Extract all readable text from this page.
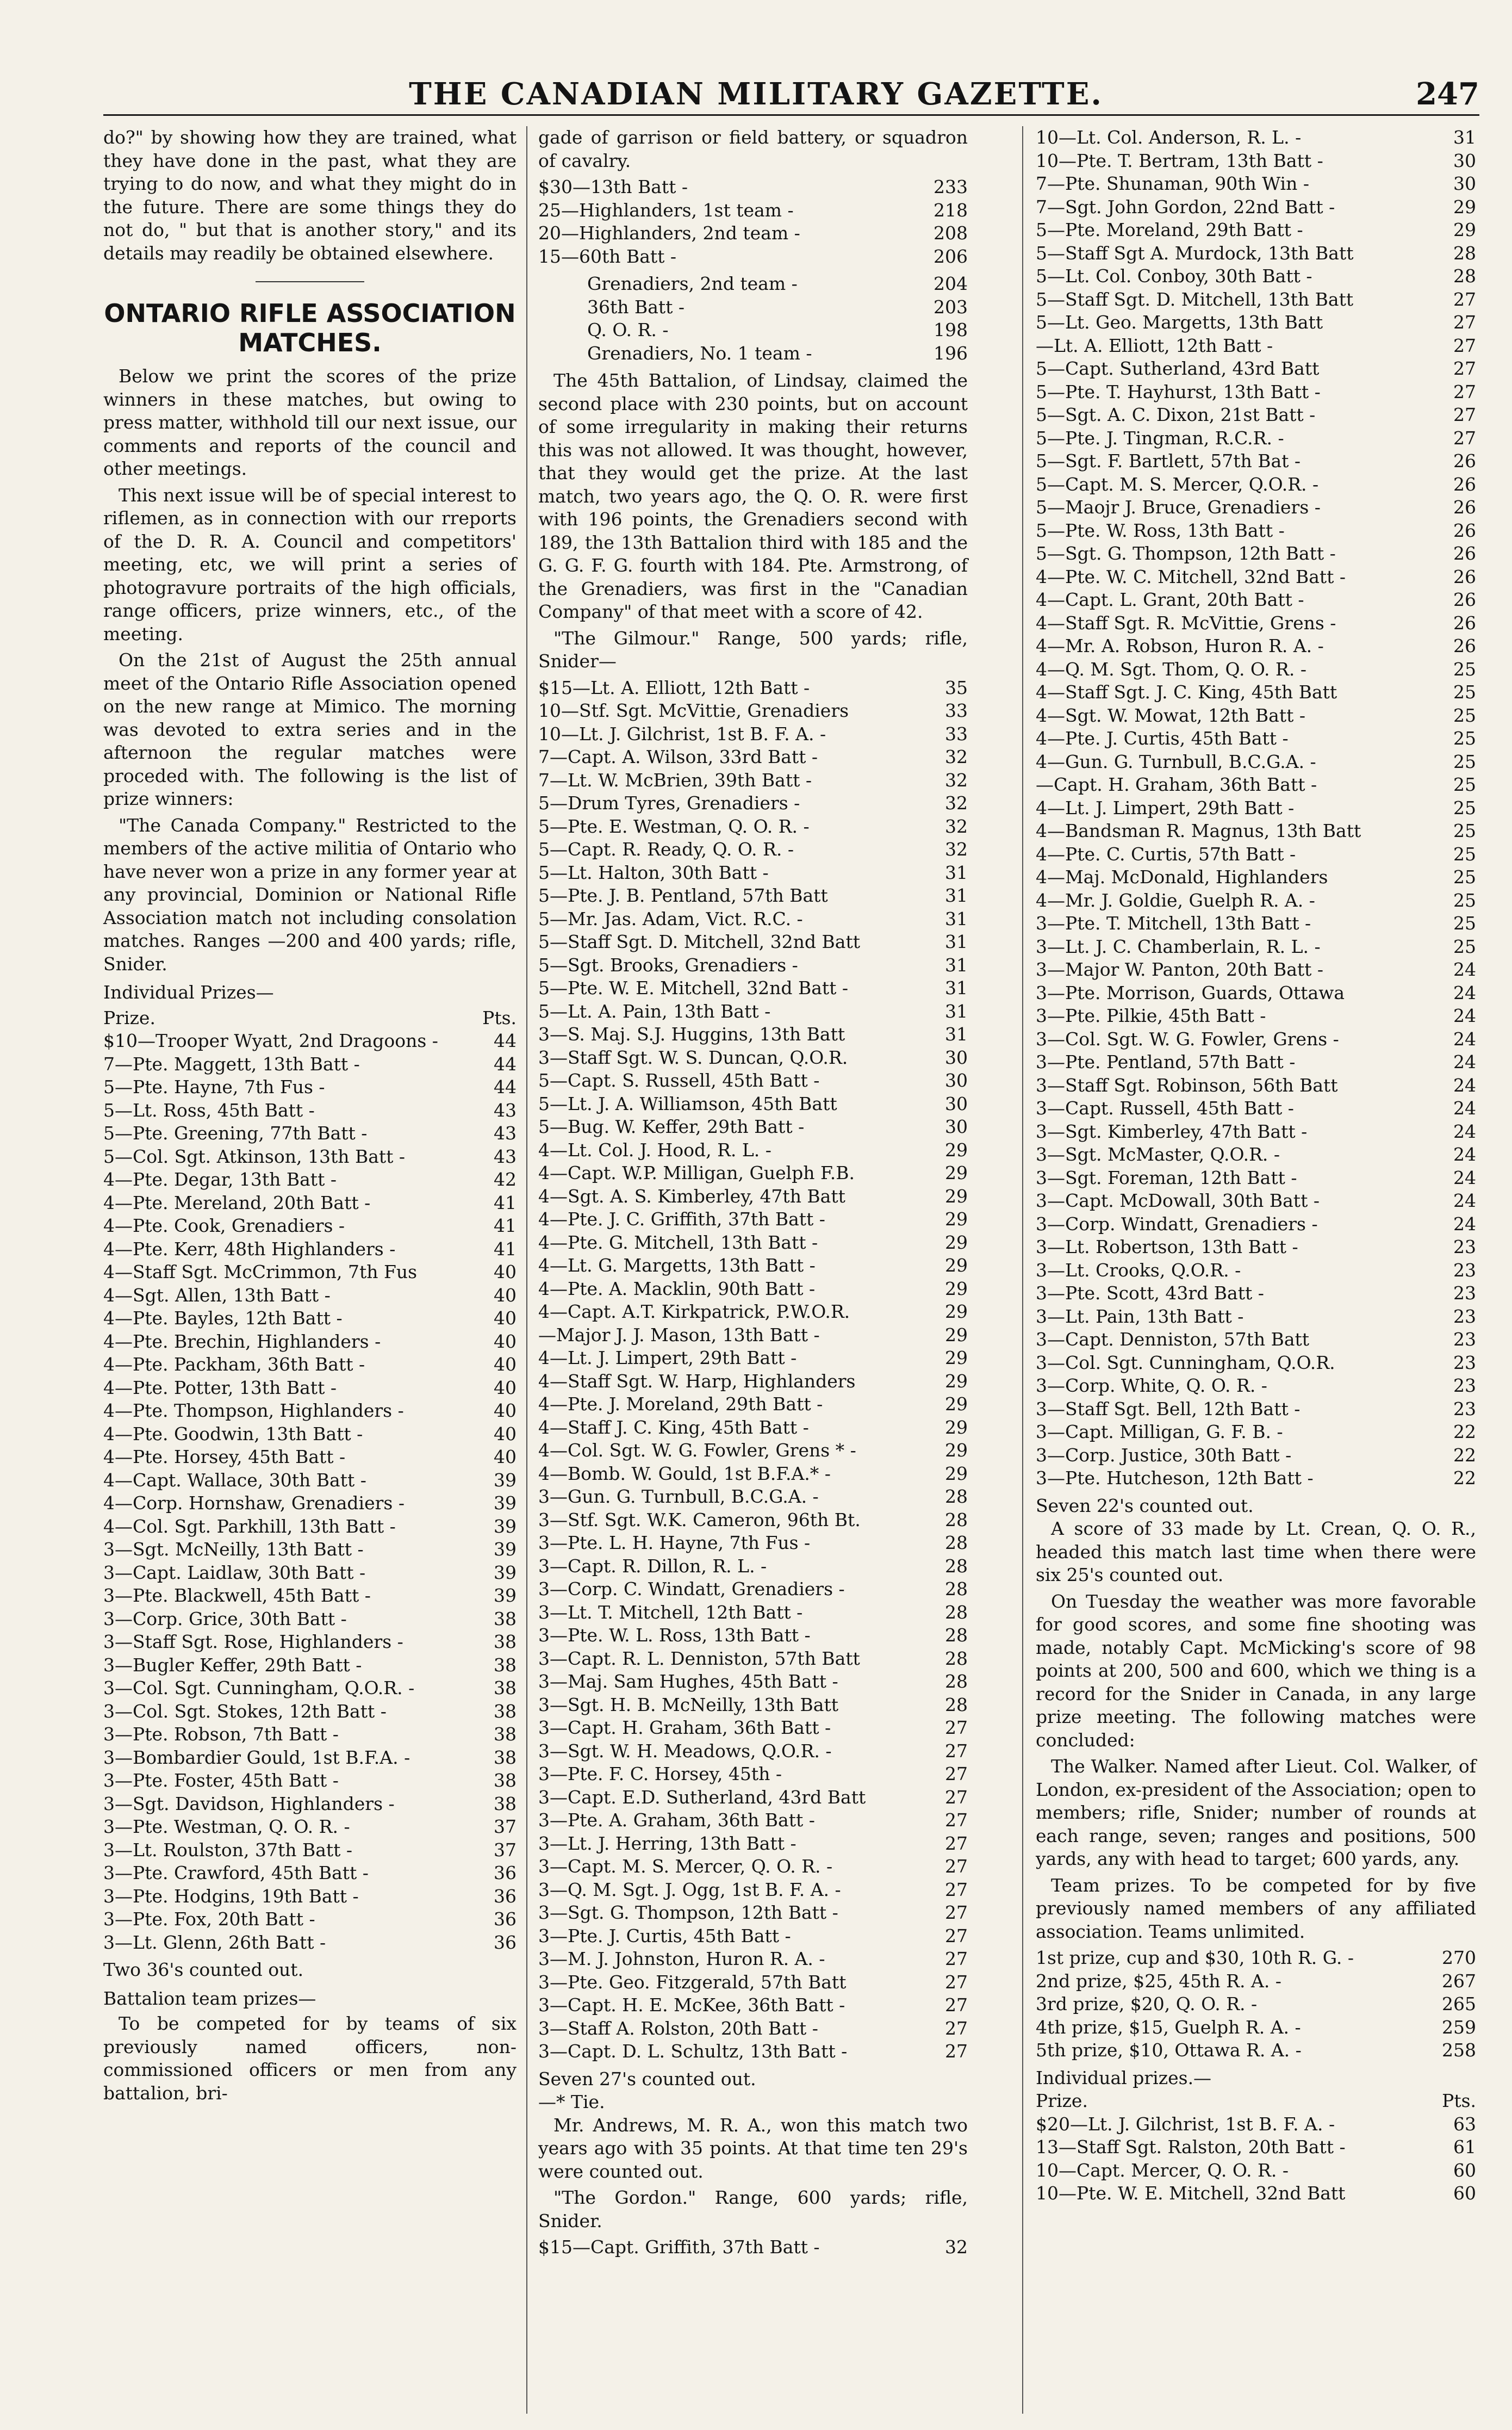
THE CANADIAN MILITARY GAZETTE.	247

do?" by showing how they are trained, what they have done in the past, what they are trying to do now, and what they might do in the future. There are some things they do not do, " but that is another story," and its details may readily be obtained elsewhere.

ONTARIO RIFLE ASSOCIATION MATCHES.

Below we print the scores of the prize winners in these matches, but owing to press matter, withhold till our next issue, our comments and reports of the council and other meetings.

This next issue will be of special interest to riflemen, as in connection with our rreports of the D. R. A. Council and competitors' meeting, etc, we will print a series of photogravure portraits of the high officials, range officers, prize winners, etc., of the meeting.

On the 21st of August the 25th annual meet of the Ontario Rifle Association opened on the new range at Mimico. The morning was devoted to extra series and in the afternoon the regular matches were proceded with. The following is the list of prize winners:

"The Canada Company." Restricted to the members of the active militia of Ontario who have never won a prize in any former year at any provincial, Dominion or National Rifle Association match not including consolation matches. Ranges —200 and 400 yards; rifle, Snider.

Individual Prizes—
Prize.	Pts.
$10—Trooper Wyatt, 2nd Dragoons -	44
7—Pte. Maggett, 13th Batt -	44
5—Pte. Hayne, 7th Fus -	44
5—Lt. Ross, 45th Batt -	43
5—Pte. Greening, 77th Batt -	43
5—Col. Sgt. Atkinson, 13th Batt -	43
4—Pte. Degar, 13th Batt -	42
4—Pte. Mereland, 20th Batt -	41
4—Pte. Cook, Grenadiers -	41
4—Pte. Kerr, 48th Highlanders -	41
4—Staff Sgt. McCrimmon, 7th Fus	40
4—Sgt. Allen, 13th Batt -	40
4—Pte. Bayles, 12th Batt -	40
4—Pte. Brechin, Highlanders -	40
4—Pte. Packham, 36th Batt -	40
4—Pte. Potter, 13th Batt -	40
4—Pte. Thompson, Highlanders -	40
4—Pte. Goodwin, 13th Batt -	40
4—Pte. Horsey, 45th Batt -	40
4—Capt. Wallace, 30th Batt -	39
4—Corp. Hornshaw, Grenadiers -	39
4—Col. Sgt. Parkhill, 13th Batt -	39
3—Sgt. McNeilly, 13th Batt -	39
3—Capt. Laidlaw, 30th Batt -	39
3—Pte. Blackwell, 45th Batt -	39
3—Corp. Grice, 30th Batt -	38
3—Staff Sgt. Rose, Highlanders -	38
3—Bugler Keffer, 29th Batt -	38
3—Col. Sgt. Cunningham, Q.O.R. -	38
3—Col. Sgt. Stokes, 12th Batt -	38
3—Pte. Robson, 7th Batt -	38
3—Bombardier Gould, 1st B.F.A. -	38
3—Pte. Foster, 45th Batt -	38
3—Sgt. Davidson, Highlanders -	38
3—Pte. Westman, Q. O. R. -	37
3—Lt. Roulston, 37th Batt -	37
3—Pte. Crawford, 45th Batt -	36
3—Pte. Hodgins, 19th Batt -	36
3—Pte. Fox, 20th Batt -	36
3—Lt. Glenn, 26th Batt -	36
Two 36's counted out.
Battalion team prizes—

To be competed for by teams of six previously named officers, non-commissioned officers or men from any battalion, bri-

gade of garrison or field battery, or squadron of cavalry.

$30—13th Batt -	233
25—Highlanders, 1st team -	218
20—Highlanders, 2nd team -	208
15—60th Batt -	206
Grenadiers, 2nd team -	204
36th Batt -	203
Q. O. R. -	198
Grenadiers, No. 1 team -	196

The 45th Battalion, of Lindsay, claimed the second place with 230 points, but on account of some irregularity in making their returns this was not allowed. It was thought, however, that they would get the prize. At the last match, two years ago, the Q. O. R. were first with 196 points, the Grenadiers second with 189, the 13th Battalion third with 185 and the G. G. F. G. fourth with 184. Pte. Armstrong, of the Grenadiers, was first in the "Canadian Company" of that meet with a score of 42.

"The Gilmour." Range, 500 yards; rifle, Snider—

$15—Lt. A. Elliott, 12th Batt -	35
10—Stf. Sgt. McVittie, Grenadiers	33
10—Lt. J. Gilchrist, 1st B. F. A. -	33
7—Capt. A. Wilson, 33rd Batt -	32
7—Lt. W. McBrien, 39th Batt -	32
5—Drum Tyres, Grenadiers -	32
5—Pte. E. Westman, Q. O. R. -	32
5—Capt. R. Ready, Q. O. R. -	32
5—Lt. Halton, 30th Batt -	31
5—Pte. J. B. Pentland, 57th Batt	31
5—Mr. Jas. Adam, Vict. R.C. -	31
5—Staff Sgt. D. Mitchell, 32nd Batt	31
5—Sgt. Brooks, Grenadiers -	31
5—Pte. W. E. Mitchell, 32nd Batt -	31
5—Lt. A. Pain, 13th Batt -	31
3—S. Maj. S.J. Huggins, 13th Batt	31
3—Staff Sgt. W. S. Duncan, Q.O.R.	30
5—Capt. S. Russell, 45th Batt -	30
5—Lt. J. A. Williamson, 45th Batt	30
5—Bug. W. Keffer, 29th Batt -	30
4—Lt. Col. J. Hood, R. L. -	29
4—Capt. W.P. Milligan, Guelph F.B.	29
4—Sgt. A. S. Kimberley, 47th Batt	29
4—Pte. J. C. Griffith, 37th Batt -	29
4—Pte. G. Mitchell, 13th Batt -	29
4—Lt. G. Margetts, 13th Batt -	29
4—Pte. A. Macklin, 90th Batt -	29
4—Capt. A.T. Kirkpatrick, P.W.O.R.	29
—Major J. J. Mason, 13th Batt -	29
4—Lt. J. Limpert, 29th Batt -	29
4—Staff Sgt. W. Harp, Highlanders	29
4—Pte. J. Moreland, 29th Batt -	29
4—Staff J. C. King, 45th Batt -	29
4—Col. Sgt. W. G. Fowler, Grens * -	29
4—Bomb. W. Gould, 1st B.F.A.* -	29
3—Gun. G. Turnbull, B.C.G.A. -	28
3—Stf. Sgt. W.K. Cameron, 96th Bt.	28
3—Pte. L. H. Hayne, 7th Fus -	28
3—Capt. R. Dillon, R. L. -	28
3—Corp. C. Windatt, Grenadiers -	28
3—Lt. T. Mitchell, 12th Batt -	28
3—Pte. W. L. Ross, 13th Batt -	28
3—Capt. R. L. Denniston, 57th Batt	28
3—Maj. Sam Hughes, 45th Batt -	28
3—Sgt. H. B. McNeilly, 13th Batt	28
3—Capt. H. Graham, 36th Batt -	27
3—Sgt. W. H. Meadows, Q.O.R. -	27
3—Pte. F. C. Horsey, 45th -	27
3—Capt. E.D. Sutherland, 43rd Batt	27
3—Pte. A. Graham, 36th Batt -	27
3—Lt. J. Herring, 13th Batt -	27
3—Capt. M. S. Mercer, Q. O. R. -	27
3—Q. M. Sgt. J. Ogg, 1st B. F. A. -	27
3—Sgt. G. Thompson, 12th Batt -	27
3—Pte. J. Curtis, 45th Batt -	27
3—M. J. Johnston, Huron R. A. -	27
3—Pte. Geo. Fitzgerald, 57th Batt	27
3—Capt. H. E. McKee, 36th Batt -	27
3—Staff A. Rolston, 20th Batt -	27
3—Capt. D. L. Schultz, 13th Batt -	27
Seven 27's counted out.
—* Tie.

Mr. Andrews, M. R. A., won this match two years ago with 35 points. At that time ten 29's were counted out.

"The Gordon." Range, 600 yards; rifle, Snider.

$15—Capt. Griffith, 37th Batt -	32
10—Lt. Col. Anderson, R. L. -	31
10—Pte. T. Bertram, 13th Batt -	30
7—Pte. Shunaman, 90th Win -	30
7—Sgt. John Gordon, 22nd Batt -	29
5—Pte. Moreland, 29th Batt -	29
5—Staff Sgt A. Murdock, 13th Batt	28
5—Lt. Col. Conboy, 30th Batt -	28
5—Staff Sgt. D. Mitchell, 13th Batt	27
5—Lt. Geo. Margetts, 13th Batt	27
—Lt. A. Elliott, 12th Batt -	27
5—Capt. Sutherland, 43rd Batt	27
5—Pte. T. Hayhurst, 13th Batt -	27
5—Sgt. A. C. Dixon, 21st Batt -	27
5—Pte. J. Tingman, R.C.R. -	27
5—Sgt. F. Bartlett, 57th Bat -	26
5—Capt. M. S. Mercer, Q.O.R. -	26
5—Maojr J. Bruce, Grenadiers -	26
5—Pte. W. Ross, 13th Batt -	26
5—Sgt. G. Thompson, 12th Batt -	26
4—Pte. W. C. Mitchell, 32nd Batt -	26
4—Capt. L. Grant, 20th Batt -	26
4—Staff Sgt. R. McVittie, Grens -	26
4—Mr. A. Robson, Huron R. A. -	26
4—Q. M. Sgt. Thom, Q. O. R. -	25
4—Staff Sgt. J. C. King, 45th Batt	25
4—Sgt. W. Mowat, 12th Batt -	25
4—Pte. J. Curtis, 45th Batt -	25
4—Gun. G. Turnbull, B.C.G.A. -	25
—Capt. H. Graham, 36th Batt -	25
4—Lt. J. Limpert, 29th Batt -	25
4—Bandsman R. Magnus, 13th Batt	25
4—Pte. C. Curtis, 57th Batt -	25
4—Maj. McDonald, Highlanders	25
4—Mr. J. Goldie, Guelph R. A. -	25
3—Pte. T. Mitchell, 13th Batt -	25
3—Lt. J. C. Chamberlain, R. L. -	25
3—Major W. Panton, 20th Batt -	24
3—Pte. Morrison, Guards, Ottawa	24
3—Pte. Pilkie, 45th Batt -	24
3—Col. Sgt. W. G. Fowler, Grens -	24
3—Pte. Pentland, 57th Batt -	24
3—Staff Sgt. Robinson, 56th Batt	24
3—Capt. Russell, 45th Batt -	24
3—Sgt. Kimberley, 47th Batt -	24
3—Sgt. McMaster, Q.O.R. -	24
3—Sgt. Foreman, 12th Batt -	24
3—Capt. McDowall, 30th Batt -	24
3—Corp. Windatt, Grenadiers -	24
3—Lt. Robertson, 13th Batt -	23
3—Lt. Crooks, Q.O.R. -	23
3—Pte. Scott, 43rd Batt -	23
3—Lt. Pain, 13th Batt -	23
3—Capt. Denniston, 57th Batt	23
3—Col. Sgt. Cunningham, Q.O.R.	23
3—Corp. White, Q. O. R. -	23
3—Staff Sgt. Bell, 12th Batt -	23
3—Capt. Milligan, G. F. B. -	22
3—Corp. Justice, 30th Batt -	22
3—Pte. Hutcheson, 12th Batt -	22
Seven 22's counted out.

A score of 33 made by Lt. Crean, Q. O. R., headed this match last time when there were six 25's counted out.

On Tuesday the weather was more favorable for good scores, and some fine shooting was made, notably Capt. McMicking's score of 98 points at 200, 500 and 600, which we thing is a record for the Snider in Canada, in any large prize meeting. The following matches were concluded:

The Walker. Named after Lieut. Col. Walker, of London, ex-president of the Association; open to members; rifle, Snider; number of rounds at each range, seven; ranges and positions, 500 yards, any with head to target; 600 yards, any.

Team prizes. To be competed for by five previously named members of any affiliated association. Teams unlimited.

1st prize, cup and $30, 10th R. G. -	270
2nd prize, $25, 45th R. A. -	267
3rd prize, $20, Q. O. R. -	265
4th prize, $15, Guelph R. A. -	259
5th prize, $10, Ottawa R. A. -	258
Individual prizes.—
Prize.	Pts.
$20—Lt. J. Gilchrist, 1st B. F. A. -	63
13—Staff Sgt. Ralston, 20th Batt -	61
10—Capt. Mercer, Q. O. R. -	60
10—Pte. W. E. Mitchell, 32nd Batt	60
